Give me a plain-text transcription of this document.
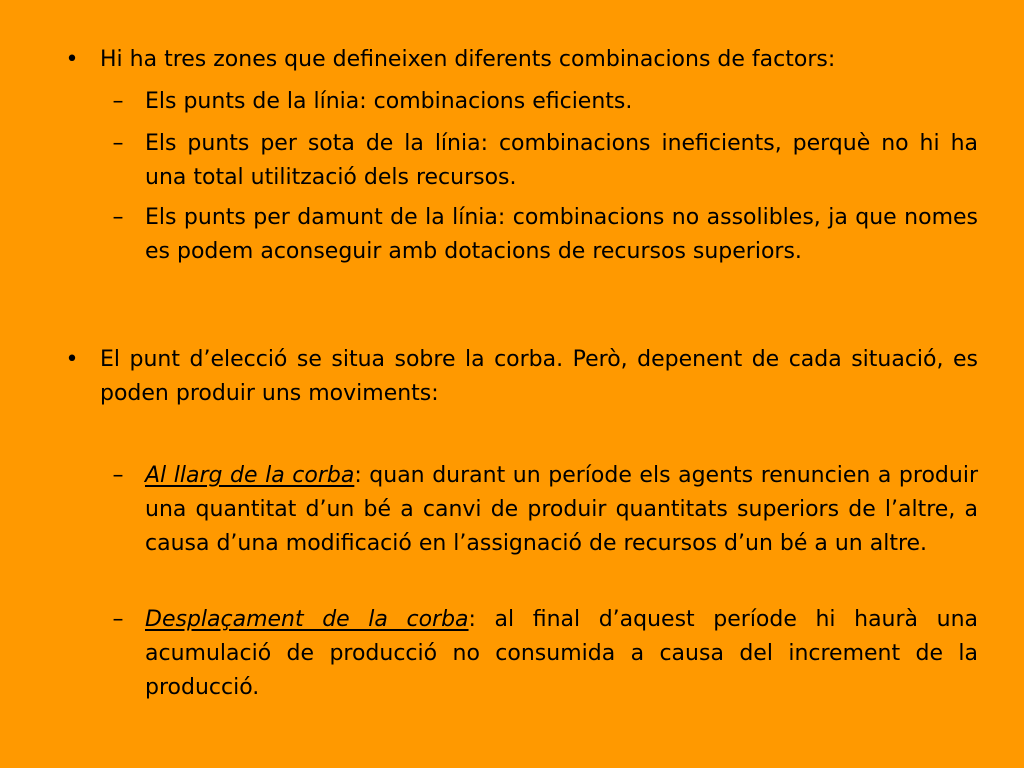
• Hi ha tres zones que defineixen diferents combinacions de factors:
– Els punts de la línia: combinacions eficients.
– Els punts per sota de la línia: combinacions ineficients, perquè no hi ha una total utilització dels recursos.
– Els punts per damunt de la línia: combinacions no assolibles, ja que nomes es podem aconseguir amb dotacions de recursos superiors.
• El punt d’elecció se situa sobre la corba. Però, depenent de cada situació, es poden produir uns moviments:
– Al llarg de la corba: quan durant un període els agents renuncien a produir una quantitat d’un bé a canvi de produir quantitats superiors de l’altre, a causa d’una modificació en l’assignació de recursos d’un bé a un altre.
– Desplaçament de la corba: al final d’aquest període hi haurà una acumulació de producció no consumida a causa del increment de la producció.
